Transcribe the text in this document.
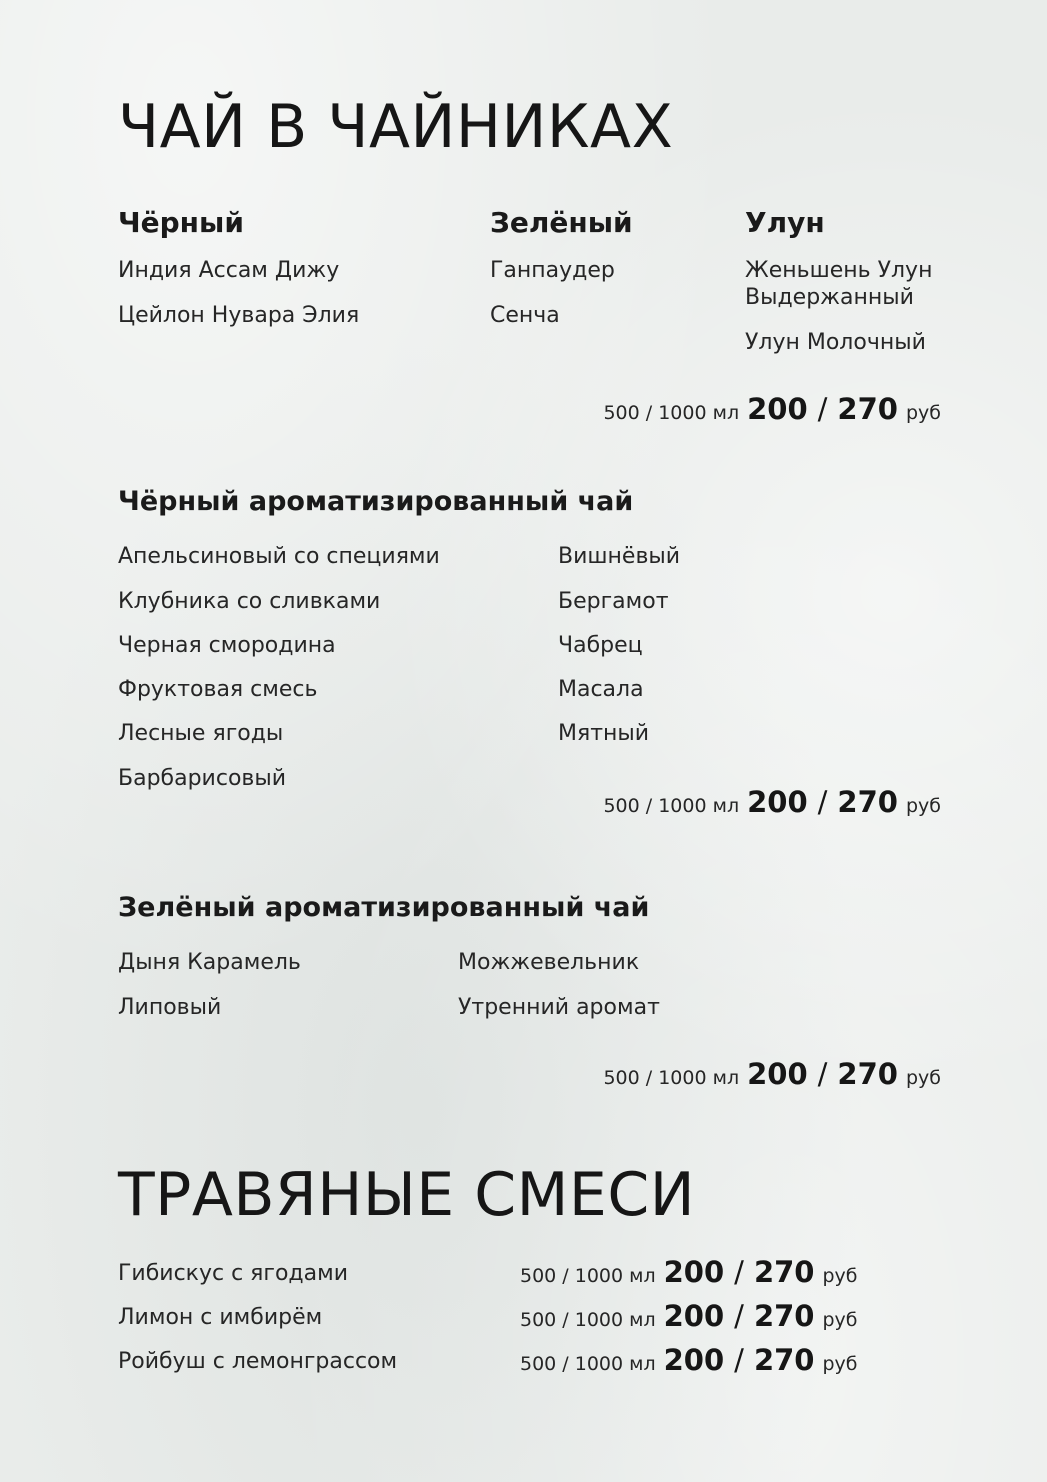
ЧАЙ В ЧАЙНИКАХ
Чёрный
Индия Ассам Дижу
Цейлон Нувара Элия
Зелёный
Ганпаудер
Сенча
Улун
Женьшень Улун
Выдержанный
Улун Молочный
500 / 1000 мл 200 / 270 руб
Чёрный ароматизированный чай
Апельсиновый со специями
Клубника со сливками
Черная смородина
Фруктовая смесь
Лесные ягоды
Барбарисовый
Вишнёвый
Бергамот
Чабрец
Масала
Мятный
500 / 1000 мл 200 / 270 руб
Зелёный ароматизированный чай
Дыня Карамель
Липовый
Можжевельник
Утренний аромат
500 / 1000 мл 200 / 270 руб
ТРАВЯНЫЕ СМЕСИ
Гибискус с ягодами	500 / 1000 мл 200 / 270 руб
Лимон с имбирём	500 / 1000 мл 200 / 270 руб
Ройбуш с лемонграссом	500 / 1000 мл 200 / 270 руб
